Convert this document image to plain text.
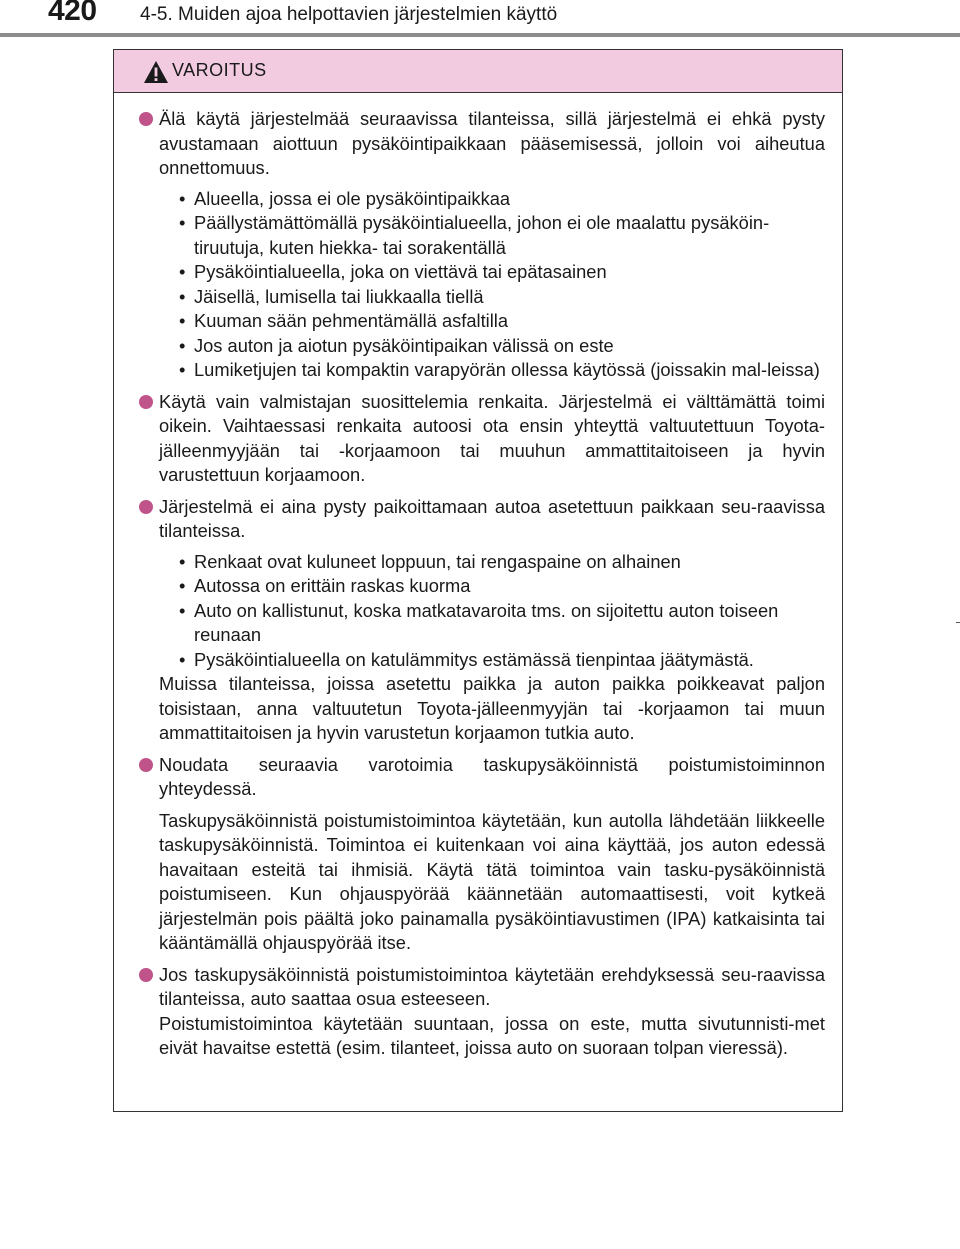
420 4-5. Muiden ajoa helpottavien järjestelmien käyttö
VAROITUS
Älä käytä järjestelmää seuraavissa tilanteissa, sillä järjestelmä ei ehkä pysty avustamaan aiottuun pysäköintipaikkaan pääsemisessä, jolloin voi aiheutua onnettomuus.
• Alueella, jossa ei ole pysäköintipaikkaa
• Päällystämättömällä pysäköintialueella, johon ei ole maalattu pysäköin-tiruutuja, kuten hiekka- tai sorakentällä
• Pysäköintialueella, joka on viettävä tai epätasainen
• Jäisellä, lumisella tai liukkaalla tiellä
• Kuuman sään pehmentämällä asfaltilla
• Jos auton ja aiotun pysäköintipaikan välissä on este
• Lumiketjujen tai kompaktin varapyörän ollessa käytössä (joissakin mal-leissa)
Käytä vain valmistajan suosittelemia renkaita. Järjestelmä ei välttämättä toimi oikein. Vaihtaessasi renkaita autoosi ota ensin yhteyttä valtuutettuun Toyota-jälleenmyyjään tai -korjaamoon tai muuhun ammattitaitoiseen ja hyvin varustettuun korjaamoon.
Järjestelmä ei aina pysty paikoittamaan autoa asetettuun paikkaan seu-raavissa tilanteissa.
• Renkaat ovat kuluneet loppuun, tai rengaspaine on alhainen
• Autossa on erittäin raskas kuorma
• Auto on kallistunut, koska matkatavaroita tms. on sijoitettu auton toiseen reunaan
• Pysäköintialueella on katulämmitys estämässä tienpintaa jäätymästä.

Muissa tilanteissa, joissa asetettu paikka ja auton paikka poikkeavat paljon toisistaan, anna valtuutetun Toyota-jälleenmyyjän tai -korjaamon tai muun ammattitaitoisen ja hyvin varustetun korjaamon tutkia auto.

Noudata seuraavia varotoimia taskupysäköinnistä poistumistoiminnon yhteydessä.

Taskupysäköinnistä poistumistoimintoa käytetään, kun autolla lähdetään liikkeelle taskupysäköinnistä. Toimintoa ei kuitenkaan voi aina käyttää, jos auton edessä havaitaan esteitä tai ihmisiä. Käytä tätä toimintoa vain tasku-pysäköinnistä poistumiseen. Kun ohjauspyörää käännetään automaattisesti, voit kytkeä järjestelmän pois päältä joko painamalla pysäköintiavustimen (IPA) katkaisinta tai kääntämällä ohjauspyörää itse.

Jos taskupysäköinnistä poistumistoimintoa käytetään erehdyksessä seu-raavissa tilanteissa, auto saattaa osua esteeseen.

Poistumistoimintoa käytetään suuntaan, jossa on este, mutta sivutunnisti-met eivät havaitse estettä (esim. tilanteet, joissa auto on suoraan tolpan vieressä).
